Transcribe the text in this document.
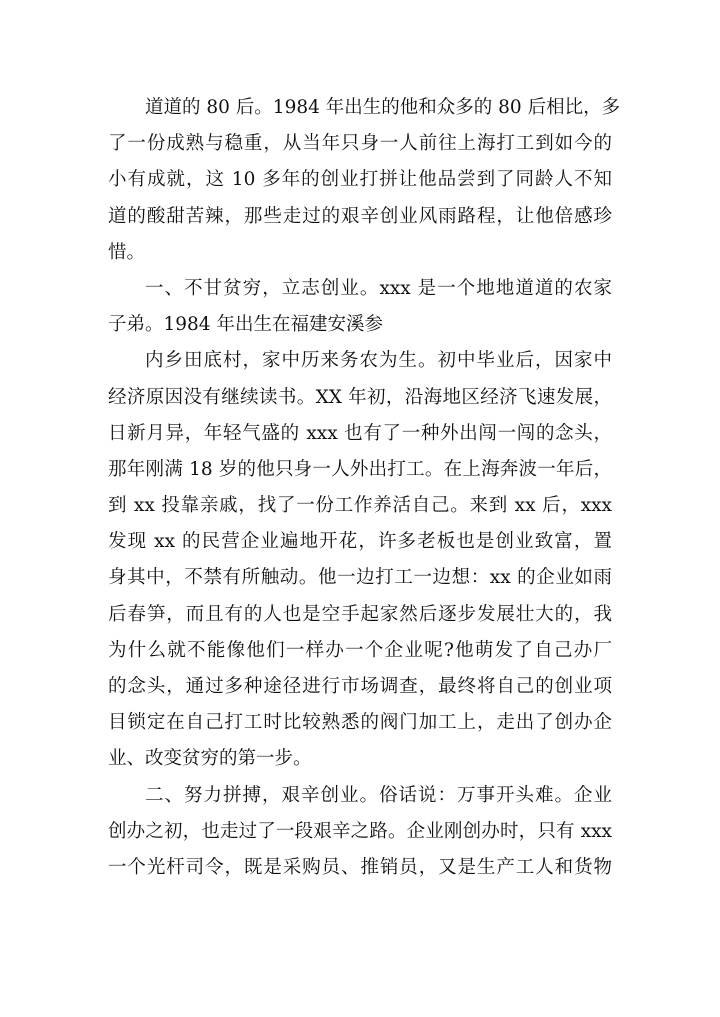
道道的 80 后。1984 年出生的他和众多的 80 后相比，多
了一份成熟与稳重，从当年只身一人前往上海打工到如今的
小有成就，这 10 多年的创业打拼让他品尝到了同龄人不知
道的酸甜苦辣，那些走过的艰辛创业风雨路程，让他倍感珍
惜。
一、不甘贫穷，立志创业。xxx 是一个地地道道的农家
子弟。1984 年出生在福建安溪参
内乡田底村，家中历来务农为生。初中毕业后，因家中
经济原因没有继续读书。XX 年初，沿海地区经济飞速发展，
日新月异，年轻气盛的 xxx 也有了一种外出闯一闯的念头，
那年刚满 18 岁的他只身一人外出打工。在上海奔波一年后，
到 xx 投靠亲戚，找了一份工作养活自己。来到 xx 后，xxx
发现 xx 的民营企业遍地开花，许多老板也是创业致富，置
身其中，不禁有所触动。他一边打工一边想：xx 的企业如雨
后春笋，而且有的人也是空手起家然后逐步发展壮大的，我
为什么就不能像他们一样办一个企业呢?他萌发了自己办厂
的念头，通过多种途径进行市场调查，最终将自己的创业项
目锁定在自己打工时比较熟悉的阀门加工上，走出了创办企
业、改变贫穷的第一步。
二、努力拼搏，艰辛创业。俗话说：万事开头难。企业
创办之初，也走过了一段艰辛之路。企业刚创办时，只有 xxx
一个光杆司令，既是采购员、推销员，又是生产工人和货物
